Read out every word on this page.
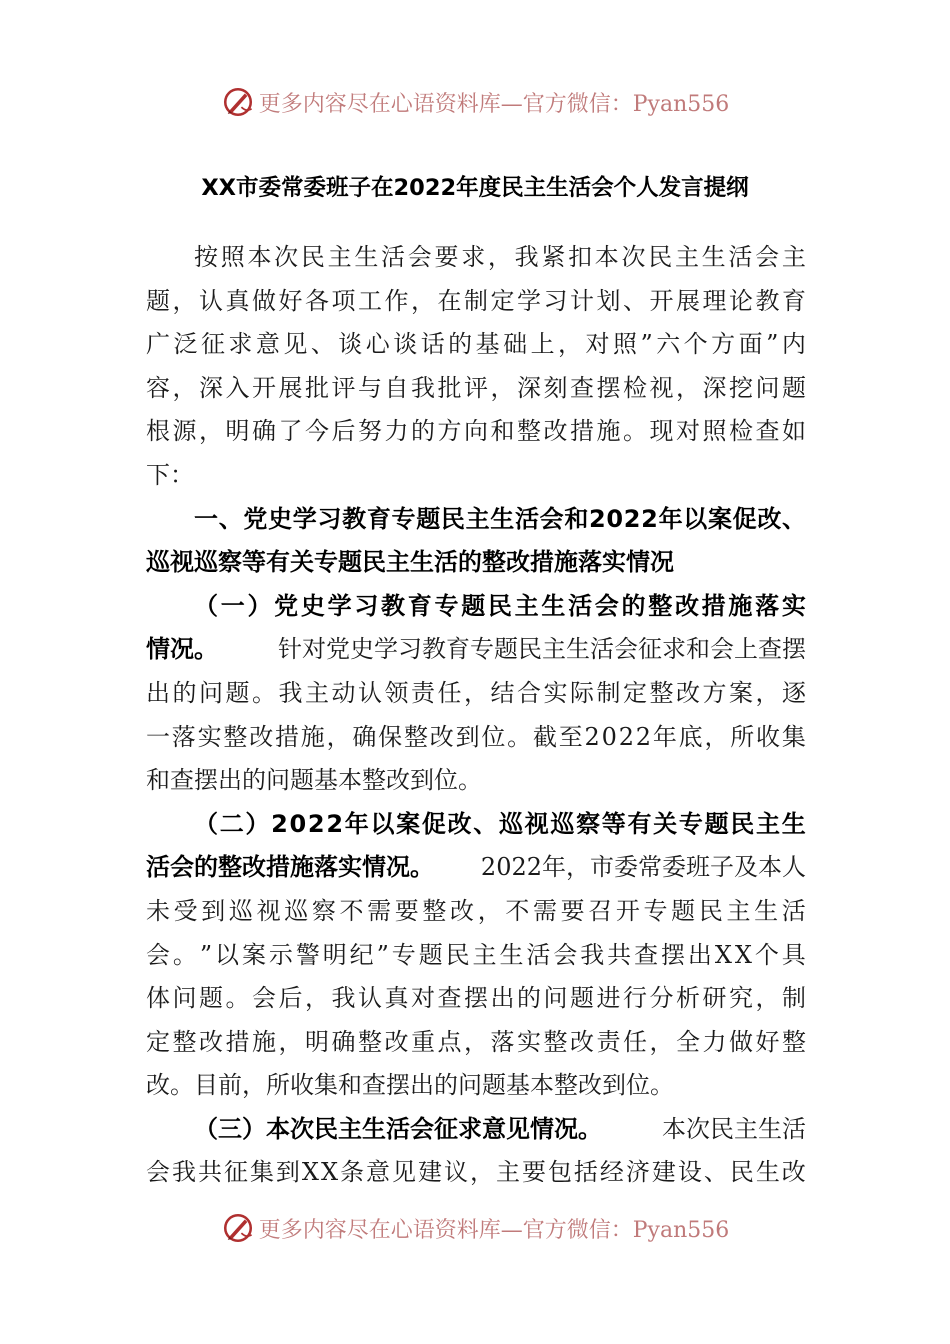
更多内容尽在心语资料库—官方微信：Pyan556
XX市委常委班子在2022年度民主生活会个人发言提纲
按 照 本 次 民 主 生 活 会 要 求 ， 我 紧 扣 本 次 民 主 生 活 会 主
题 ， 认 真 做 好 各 项 工 作 ， 在 制 定 学 习 计 划 、 开 展 理 论 教 育
广 泛 征 求 意 见 、 谈 心 谈 话 的 基 础 上 ， 对 照 ” 六 个 方 面 ” 内
容 ， 深 入 开 展 批 评 与 自 我 批 评 ， 深 刻 查 摆 检 视 ， 深 挖 问 题
根 源 ， 明 确 了 今 后 努 力 的 方 向 和 整 改 措 施 。 现 对 照 检 查 如
下：
一 、 党 史 学 习 教 育 专 题 民 主 生 活 会 和 2 0 2 2 年 以 案 促 改 、
巡视巡察等有关专题民主生活的整改措施落实情况
（ 一 ） 党 史 学 习 教 育 专 题 民 主 生 活 会 的 整 改 措 施 落 实
情况。	针对党史学习教育专题民主生活会征求和会上查摆
出 的 问 题 。 我 主 动 认 领 责 任 ， 结 合 实 际 制 定 整 改 方 案 ， 逐
一 落 实 整 改 措 施 ， 确 保 整 改 到 位 。 截 至 2 0 2 2 年 底 ， 所 收 集
和查摆出的问题基本整改到位。
（ 二 ） 2 0 2 2 年 以 案 促 改 、 巡 视 巡 察 等 有 关 专 题 民 主 生
活会的整改措施落实情况。 2022年，市委常委班子及本人
未 受 到 巡 视 巡 察 不 需 要 整 改 ， 不 需 要 召 开 专 题 民 主 生 活
会 。 ” 以 案 示 警 明 纪 ” 专 题 民 主 生 活 会 我 共 查 摆 出 X X 个 具
体 问 题 。 会 后 ， 我 认 真 对 查 摆 出 的 问 题 进 行 分 析 研 究 ， 制
定 整 改 措 施 ， 明 确 整 改 重 点 ， 落 实 整 改 责 任 ， 全 力 做 好 整
改。目前，所收集和查摆出的问题基本整改到位。
（三）本次民主生活会征求意见情况。	本次民主生活
会 我 共 征 集 到 X X 条 意 见 建 议 ， 主 要 包 括 经 济 建 设 、 民 生 改
更多内容尽在心语资料库—官方微信：Pyan556
